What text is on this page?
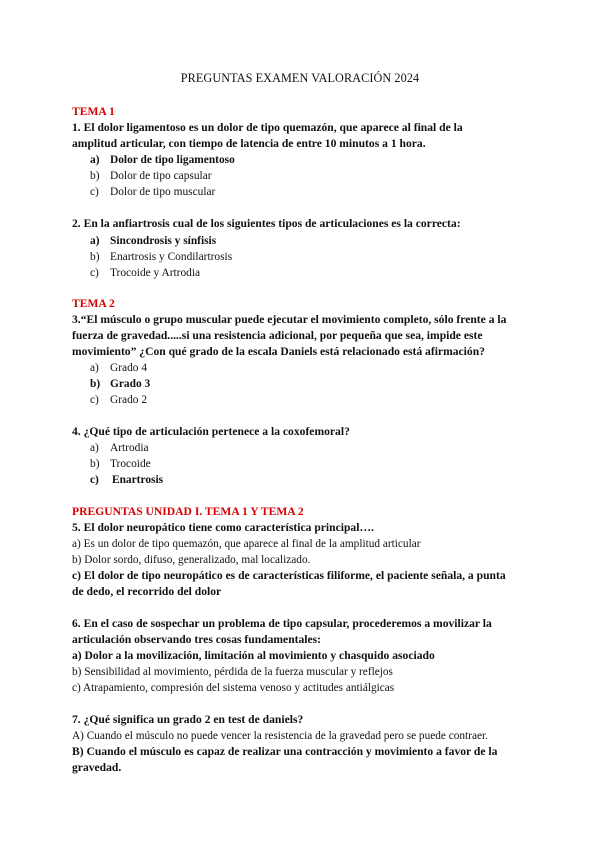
PREGUNTAS EXAMEN VALORACIÓN 2024
TEMA 1
1. El dolor ligamentoso es un dolor de tipo quemazón, que aparece al final de la
amplitud articular, con tiempo de latencia de entre 10 minutos a 1 hora.
a) Dolor de tipo ligamentoso
b) Dolor de tipo capsular
c) Dolor de tipo muscular
2. En la anfiartrosis cual de los siguientes tipos de articulaciones es la correcta:
a) Sincondrosis y sínfisis
b) Enartrosis y Condilartrosis
c) Trocoide y Artrodia
TEMA 2
3.“El músculo o grupo muscular puede ejecutar el movimiento completo, sólo frente a la
fuerza de gravedad.....si una resistencia adicional, por pequeña que sea, impide este
movimiento” ¿Con qué grado de la escala Daniels está relacionado está afirmación?
a) Grado 4
b) Grado 3
c) Grado 2
4. ¿Qué tipo de articulación pertenece a la coxofemoral?
a) Artrodia
b) Trocoide
c) Enartrosis
PREGUNTAS UNIDAD I. TEMA 1 Y TEMA 2
5. El dolor neuropático tiene como característica principal….
a) Es un dolor de tipo quemazón, que aparece al final de la amplitud articular
b) Dolor sordo, difuso, generalizado, mal localizado.
c) El dolor de tipo neuropático es de características filiforme, el paciente señala, a punta
de dedo, el recorrido del dolor
6. En el caso de sospechar un problema de tipo capsular, procederemos a movilizar la
articulación observando tres cosas fundamentales:
a) Dolor a la movilización, limitación al movimiento y chasquido asociado
b) Sensibilidad al movimiento, pérdida de la fuerza muscular y reflejos
c) Atrapamiento, compresión del sistema venoso y actitudes antiálgicas
7. ¿Qué significa un grado 2 en test de daniels?
A) Cuando el músculo no puede vencer la resistencia de la gravedad pero se puede contraer.
B) Cuando el músculo es capaz de realizar una contracción y movimiento a favor de la
gravedad.
